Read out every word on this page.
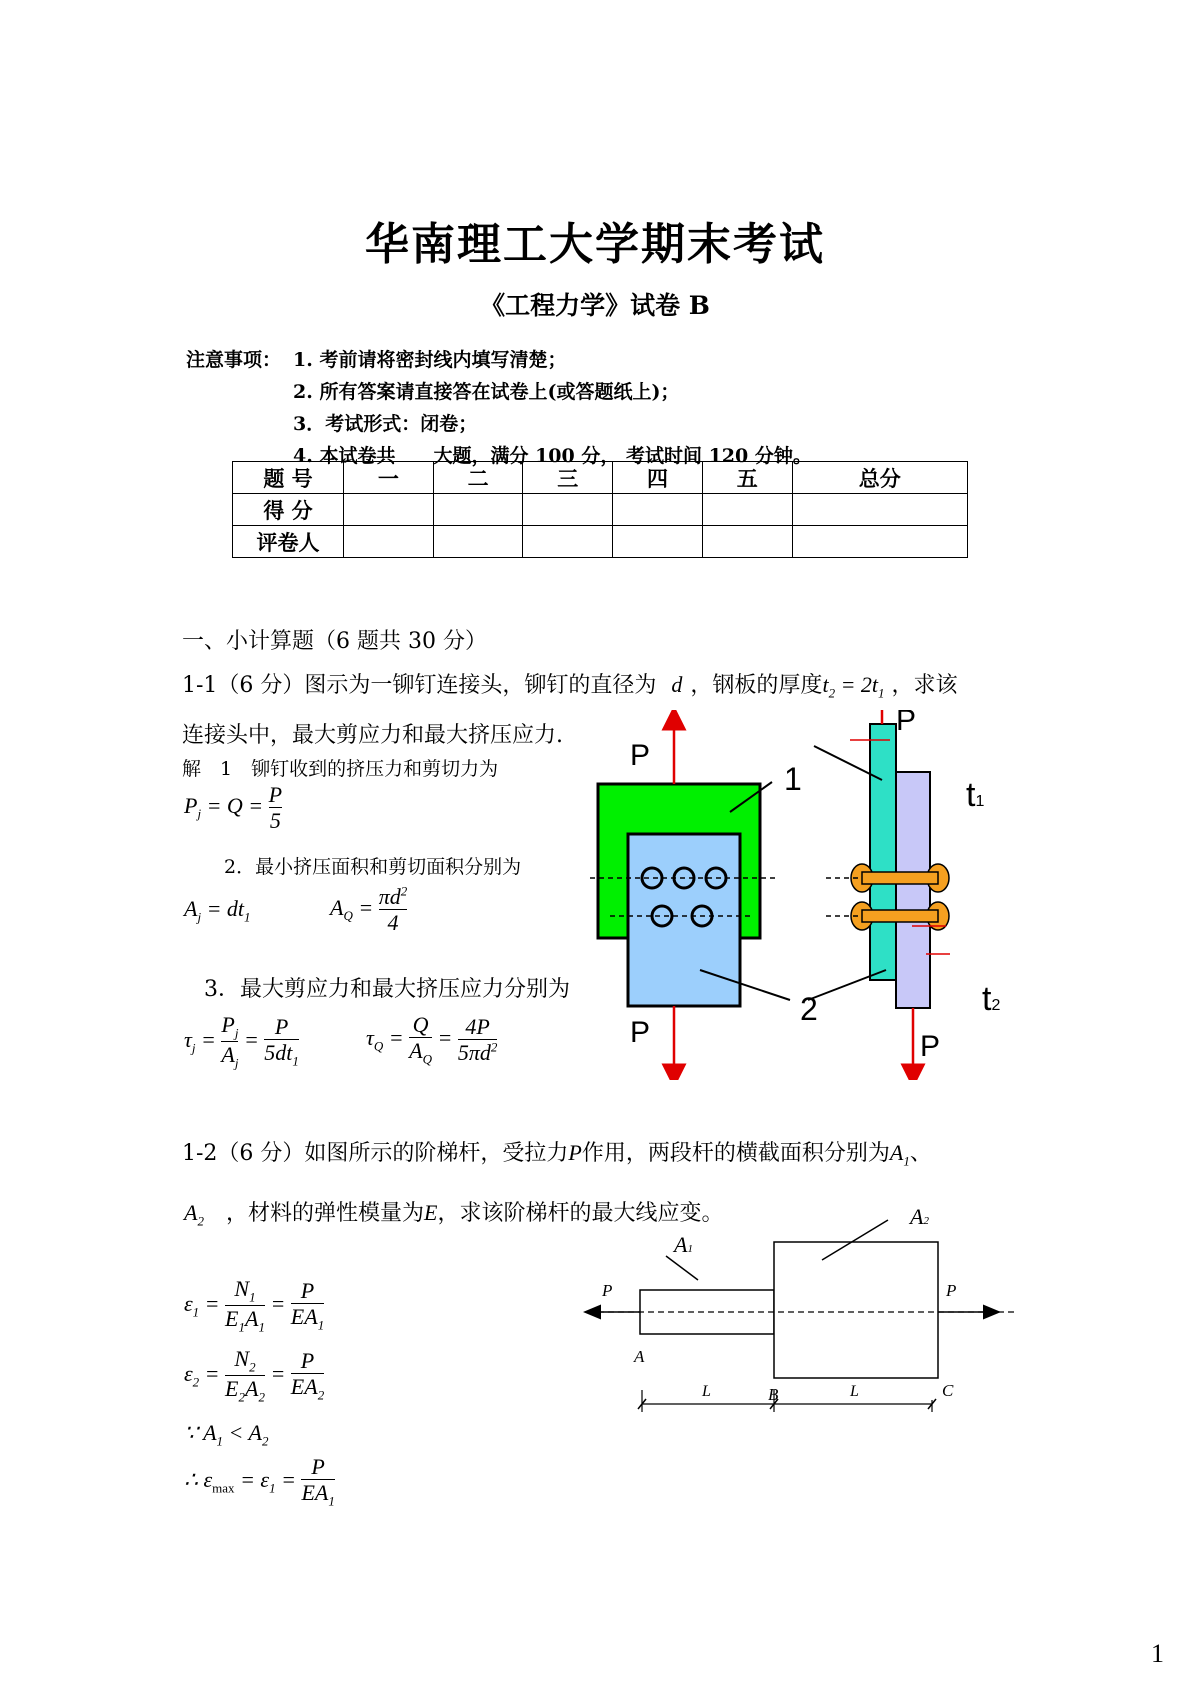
华南理工大学期末考试
《工程力学》试卷 B
注意事项： 1. 考前请将密封线内填写清楚；
2. 所有答案请直接答在试卷上(或答题纸上)；
3．考试形式：闭卷；
4. 本试卷共　　大题，满分 100 分， 考试时间 120 分钟。
题 号	一	二	三	四	五	总分
得 分						
评卷人						
一、小计算题（6 题共 30 分）
1-1（6 分）图示为一铆钉连接头，铆钉的直径为 d ，钢板的厚度$t_2 = 2t_1$ ，求该
连接头中，最大剪应力和最大挤压应力.
解　1　铆钉收到的挤压力和剪切力为
$P_j = Q = \frac{P}{5}$
2．最小挤压面积和剪切面积分别为
$A_j = dt_1$	$A_Q = \frac{\pi d^2}{4}$
3．最大剪应力和最大挤压应力分别为
$\tau_j = \frac{P_j}{A_j} = \frac{P}{5dt_1}$	$\tau_Q = \frac{Q}{A_Q} = \frac{4P}{5\pi d^2}$
P
P
1
2
P
P
t1
t2
1-2（6 分）如图所示的阶梯杆，受拉力P作用，两段杆的横截面积分别为$A_1$、
$A_2$　 ，材料的弹性模量为E，求该阶梯杆的最大线应变。
$\varepsilon_1 = \frac{N_1}{E_1A_1} = \frac{P}{EA_1}$
$\varepsilon_2 = \frac{N_2}{E_2A_2} = \frac{P}{EA_2}$
∵ $A_1 < A_2$
∴ $\varepsilon_{max} = \varepsilon_1 = \frac{P}{EA_1}$
A1
A2
P	P
A
B	C
L	L
1
